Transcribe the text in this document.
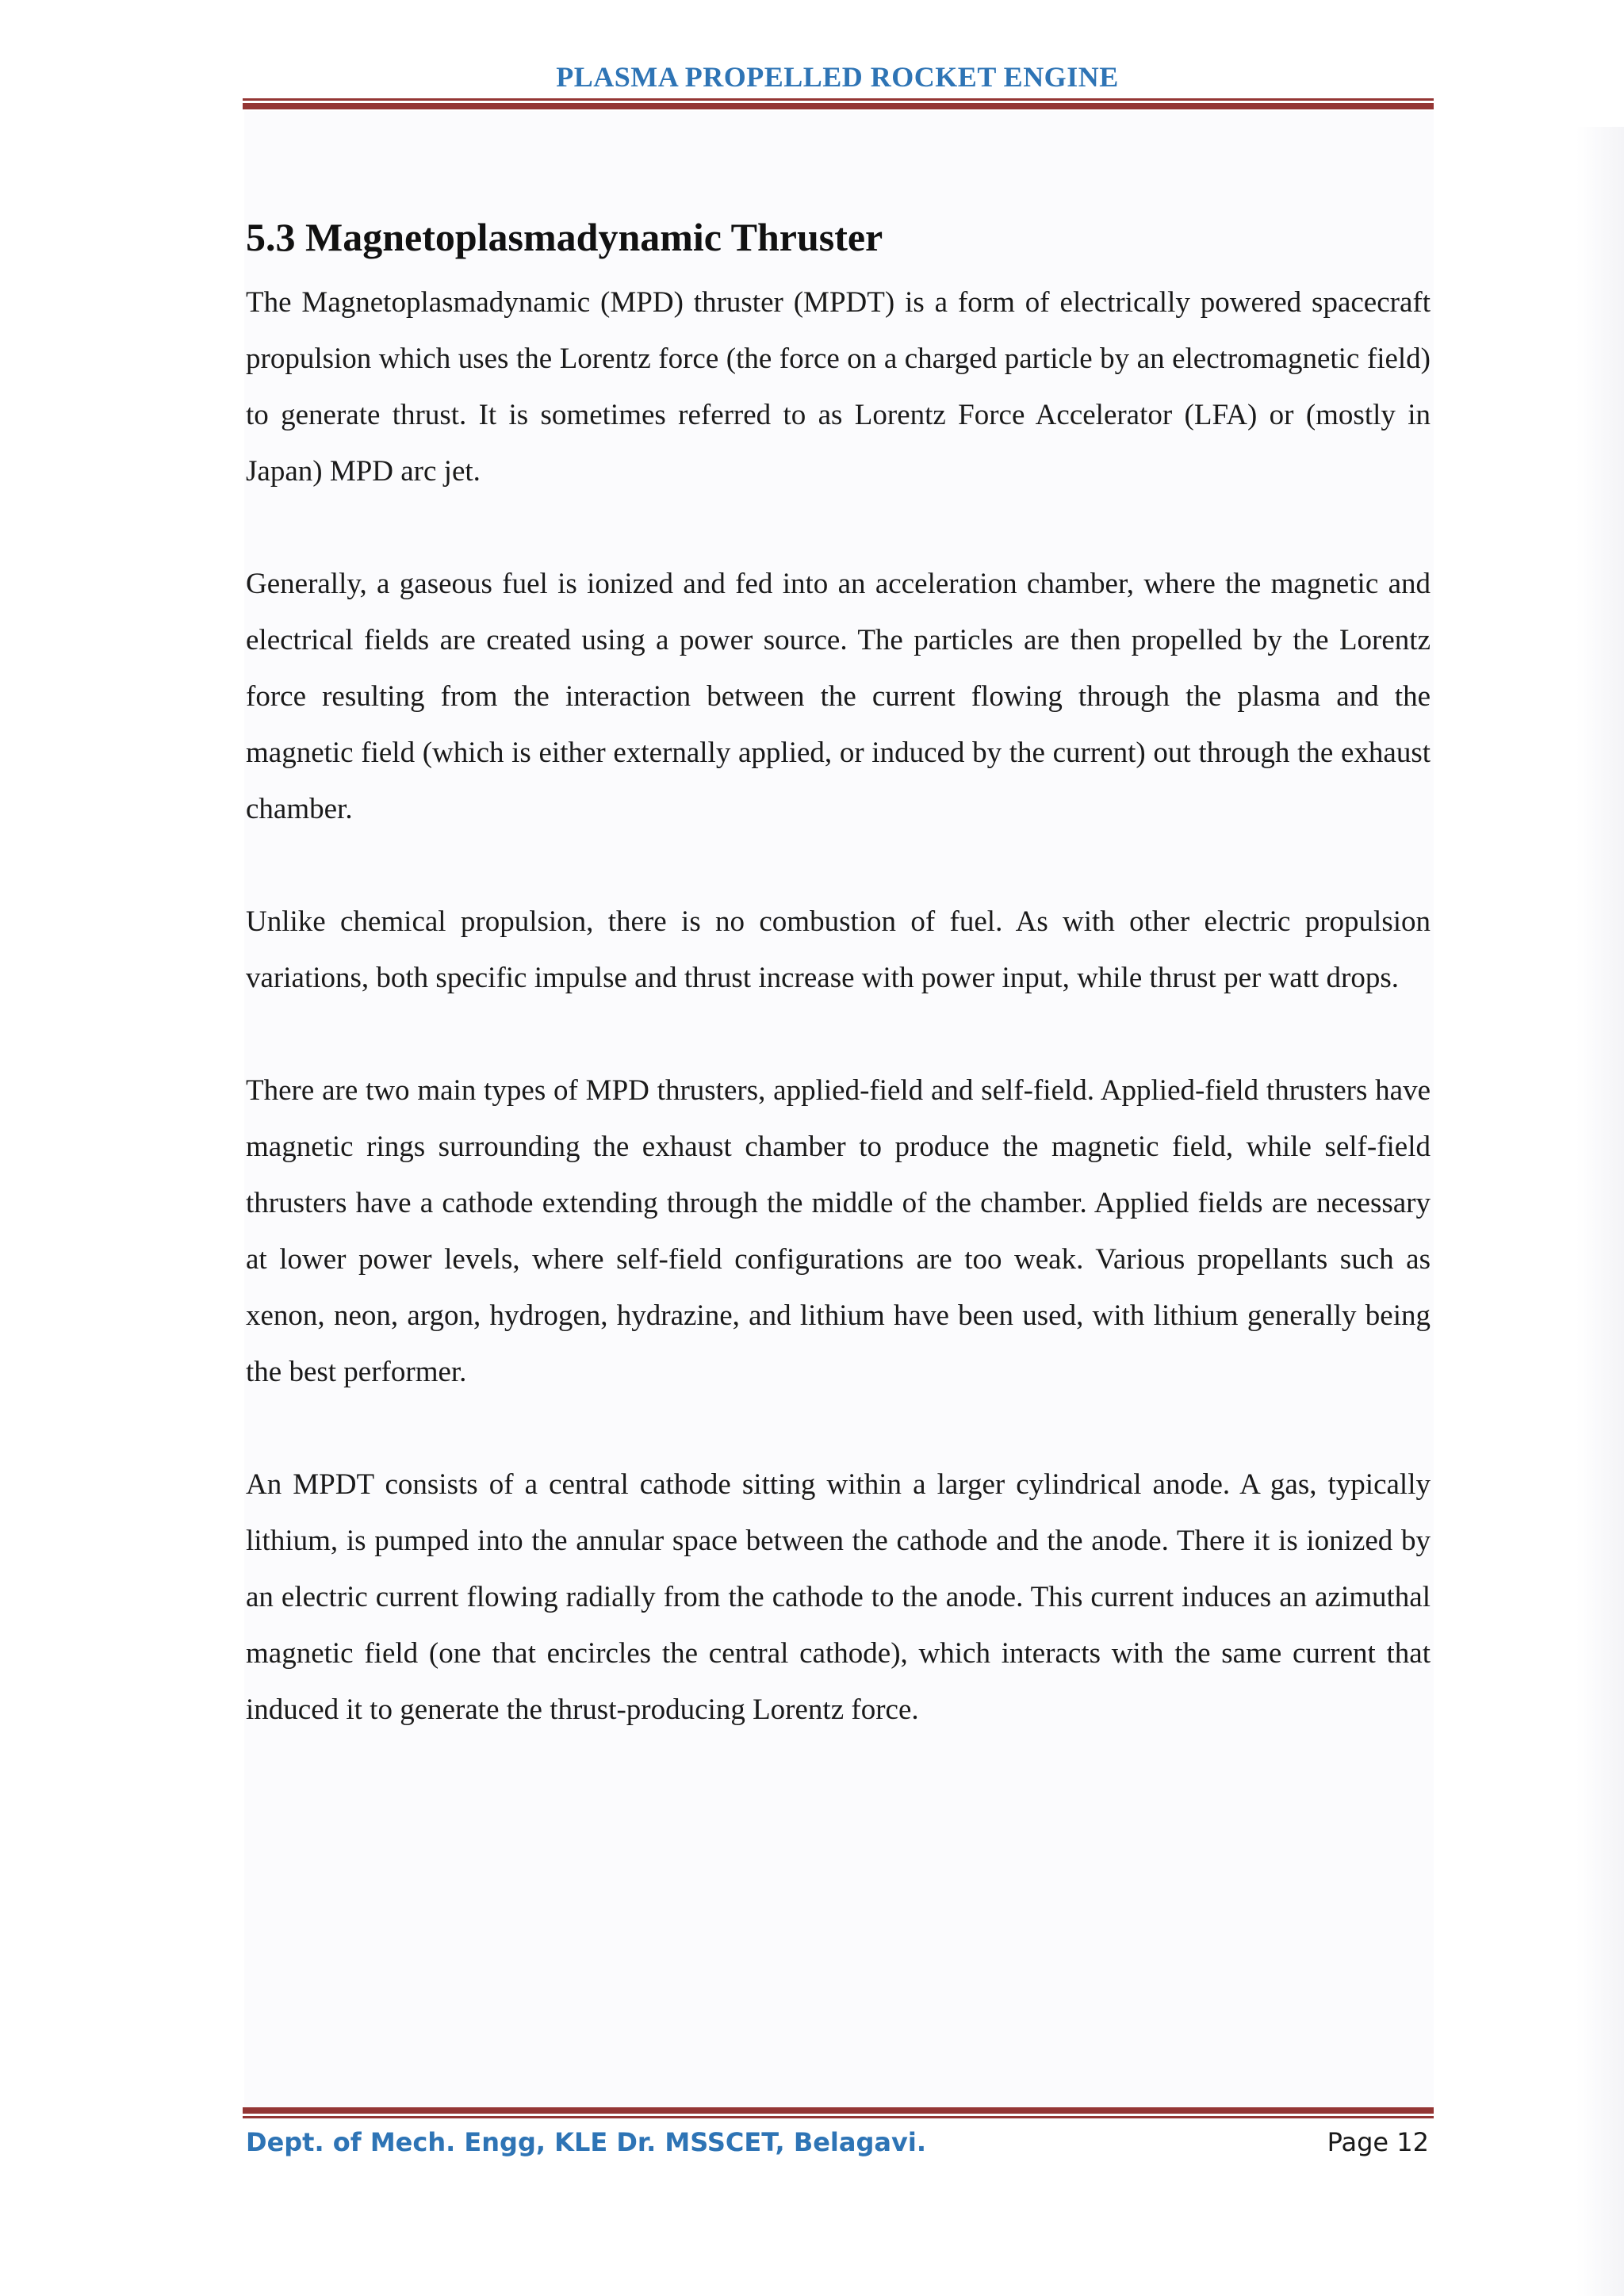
PLASMA PROPELLED ROCKET ENGINE
5.3 Magnetoplasmadynamic Thruster

The Magnetoplasmadynamic (MPD) thruster (MPDT) is a form of electrically powered spacecraft propulsion which uses the Lorentz force (the force on a charged particle by an electromagnetic field) to generate thrust. It is sometimes referred to as Lorentz Force Accelerator (LFA) or (mostly in Japan) MPD arc jet.

Generally, a gaseous fuel is ionized and fed into an acceleration chamber, where the magnetic and electrical fields are created using a power source. The particles are then propelled by the Lorentz force resulting from the interaction between the current flowing through the plasma and the magnetic field (which is either externally applied, or induced by the current) out through the exhaust chamber.

Unlike chemical propulsion, there is no combustion of fuel. As with other electric propulsion variations, both specific impulse and thrust increase with power input, while thrust per watt drops.

There are two main types of MPD thrusters, applied-field and self-field. Applied-field thrusters have magnetic rings surrounding the exhaust chamber to produce the magnetic field, while self-field thrusters have a cathode extending through the middle of the chamber. Applied fields are necessary at lower power levels, where self-field configurations are too weak. Various propellants such as xenon, neon, argon, hydrogen, hydrazine, and lithium have been used, with lithium generally being the best performer.

An MPDT consists of a central cathode sitting within a larger cylindrical anode. A gas, typically lithium, is pumped into the annular space between the cathode and the anode. There it is ionized by an electric current flowing radially from the cathode to the anode. This current induces an azimuthal magnetic field (one that encircles the central cathode), which interacts with the same current that induced it to generate the thrust-producing Lorentz force.

Dept. of Mech. Engg, KLE Dr. MSSCET, Belagavi.	Page 12
